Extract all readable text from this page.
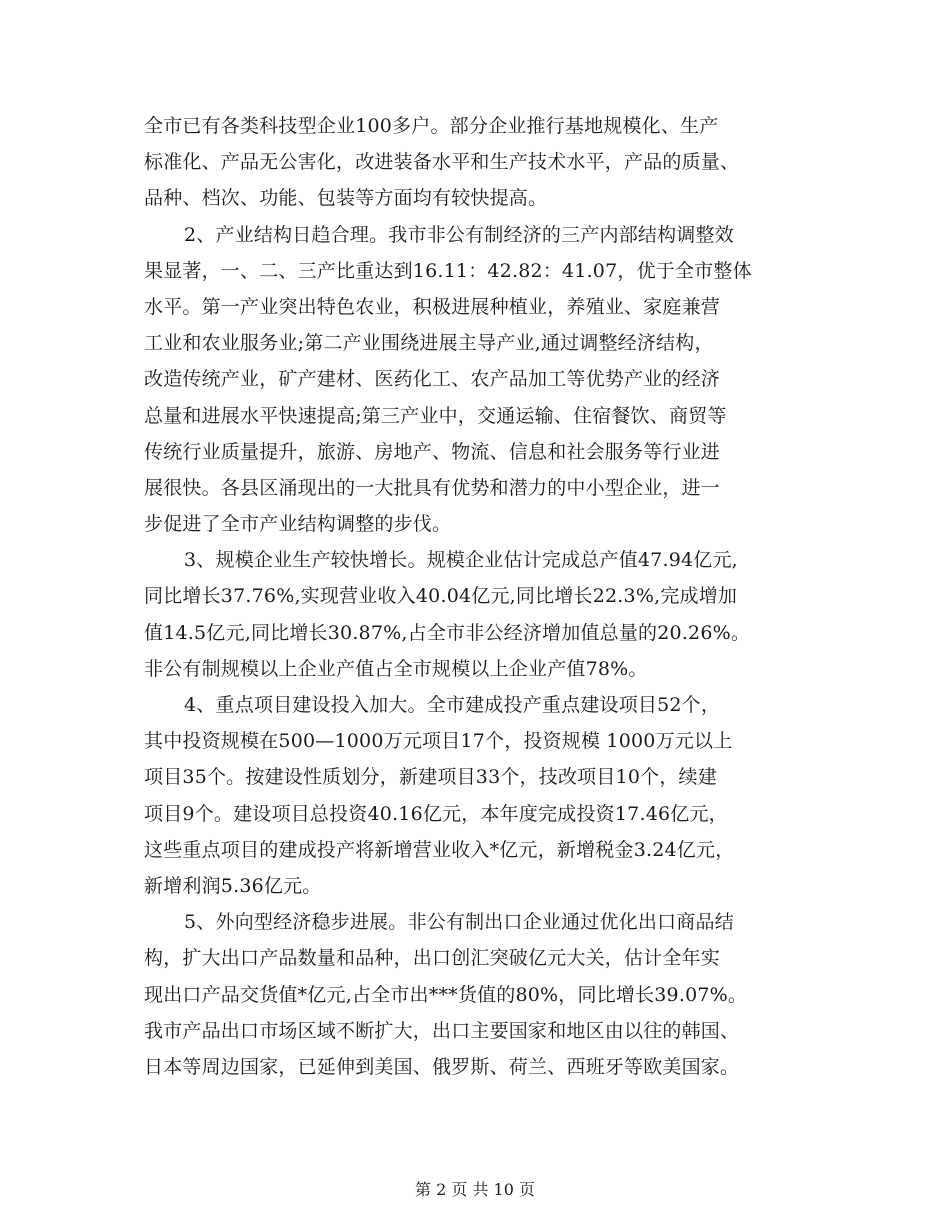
全市已有各类科技型企业100多户。部分企业推行基地规模化、生产
标准化、产品无公害化，改进装备水平和生产技术水平，产品的质量、
品种、档次、功能、包装等方面均有较快提高。
2、产业结构日趋合理。我市非公有制经济的三产内部结构调整效
果显著，一、二、三产比重达到16.11：42.82：41.07，优于全市整体
水平。第一产业突出特色农业，积极进展种植业，养殖业、家庭兼营
工业和农业服务业;第二产业围绕进展主导产业,通过调整经济结构，
改造传统产业，矿产建材、医药化工、农产品加工等优势产业的经济
总量和进展水平快速提高;第三产业中，交通运输、住宿餐饮、商贸等
传统行业质量提升，旅游、房地产、物流、信息和社会服务等行业进
展很快。各县区涌现出的一大批具有优势和潜力的中小型企业，进一
步促进了全市产业结构调整的步伐。
3、规模企业生产较快增长。规模企业估计完成总产值47.94亿元,
同比增长37.76%,实现营业收入40.04亿元,同比增长22.3%,完成增加
值14.5亿元,同比增长30.87%,占全市非公经济增加值总量的20.26%。
非公有制规模以上企业产值占全市规模以上企业产值78%。
4、重点项目建设投入加大。全市建成投产重点建设项目52个，
其中投资规模在500—1000万元项目17个，投资规模 1000万元以上
项目35个。按建设性质划分，新建项目33个，技改项目10个，续建
项目9个。建设项目总投资40.16亿元，本年度完成投资17.46亿元，
这些重点项目的建成投产将新增营业收入*亿元，新增税金3.24亿元，
新增利润5.36亿元。
5、外向型经济稳步进展。非公有制出口企业通过优化出口商品结
构，扩大出口产品数量和品种，出口创汇突破亿元大关，估计全年实
现出口产品交货值*亿元,占全市出***货值的80%，同比增长39.07%。
我市产品出口市场区域不断扩大，出口主要国家和地区由以往的韩国、
日本等周边国家，已延伸到美国、俄罗斯、荷兰、西班牙等欧美国家。
第 2 页 共 10 页
